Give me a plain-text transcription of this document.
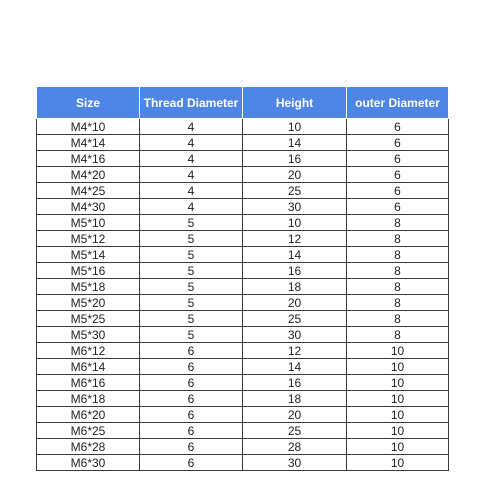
Size	Thread Diameter	Height	outer Diameter
M4*10	4	10	6
M4*14	4	14	6
M4*16	4	16	6
M4*20	4	20	6
M4*25	4	25	6
M4*30	4	30	6
M5*10	5	10	8
M5*12	5	12	8
M5*14	5	14	8
M5*16	5	16	8
M5*18	5	18	8
M5*20	5	20	8
M5*25	5	25	8
M5*30	5	30	8
M6*12	6	12	10
M6*14	6	14	10
M6*16	6	16	10
M6*18	6	18	10
M6*20	6	20	10
M6*25	6	25	10
M6*28	6	28	10
M6*30	6	30	10
